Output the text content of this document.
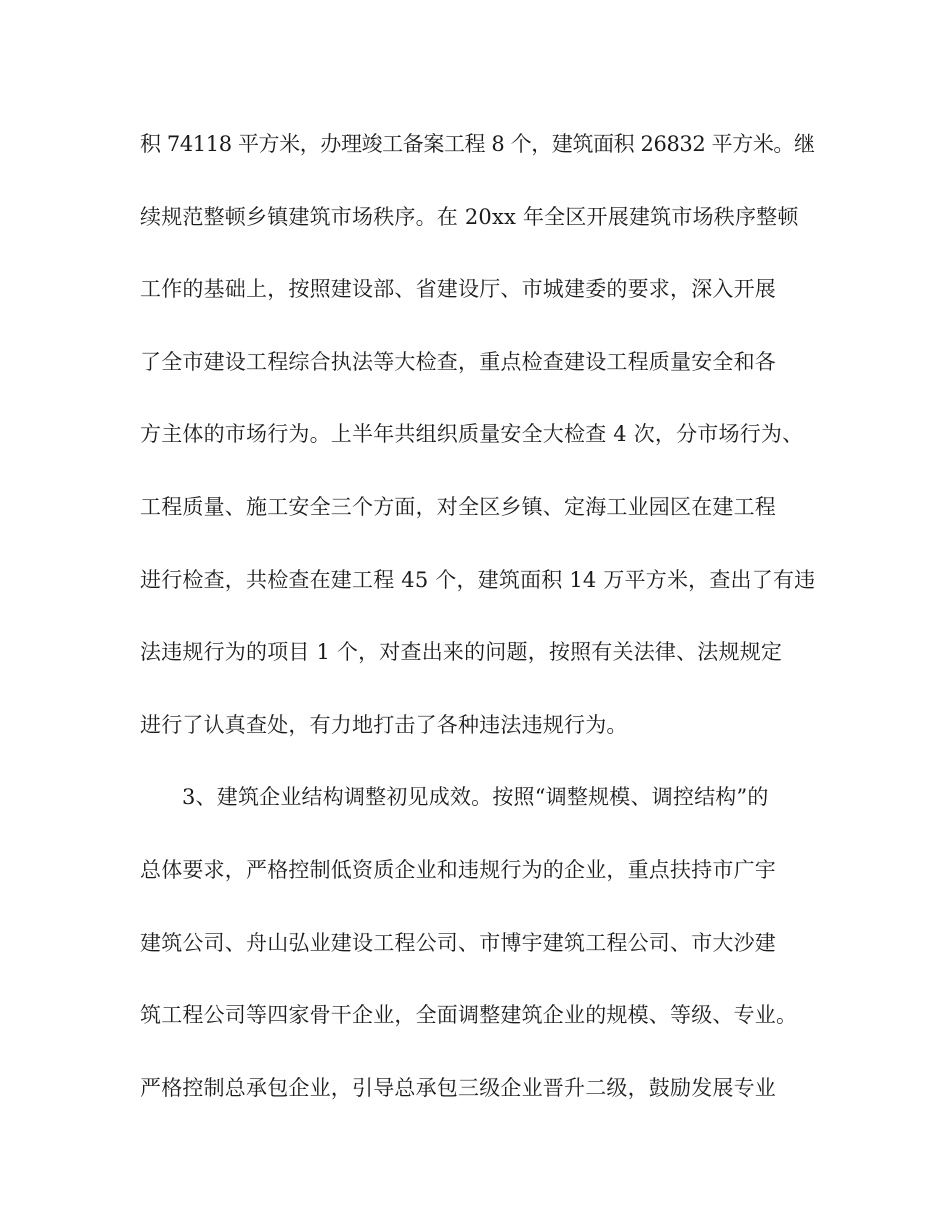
积 74118 平方米，办理竣工备案工程 8 个，建筑面积 26832 平方米。继
续规范整顿乡镇建筑市场秩序。在 20xx 年全区开展建筑市场秩序整顿
工作的基础上，按照建设部、省建设厅、市城建委的要求，深入开展
了全市建设工程综合执法等大检查，重点检查建设工程质量安全和各
方主体的市场行为。上半年共组织质量安全大检查 4 次，分市场行为、
工程质量、施工安全三个方面，对全区乡镇、定海工业园区在建工程
进行检查，共检查在建工程 45 个，建筑面积 14 万平方米，查出了有违
法违规行为的项目 1 个，对查出来的问题，按照有关法律、法规规定
进行了认真查处，有力地打击了各种违法违规行为。
3、建筑企业结构调整初见成效。按照“调整规模、调控结构”的
总体要求，严格控制低资质企业和违规行为的企业，重点扶持市广宇
建筑公司、舟山弘业建设工程公司、市博宇建筑工程公司、市大沙建
筑工程公司等四家骨干企业，全面调整建筑企业的规模、等级、专业。
严格控制总承包企业，引导总承包三级企业晋升二级，鼓励发展专业
